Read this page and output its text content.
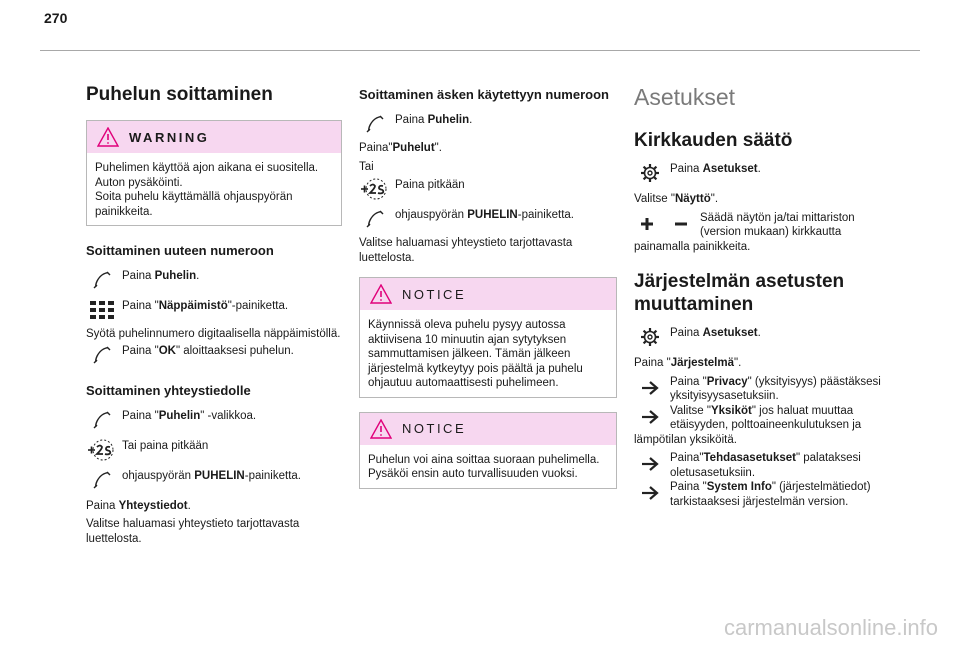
270
Puhelun soittaminen
WARNING

Puhelimen käyttöä ajon aikana ei suositella.

Auton pysäköinti.

Soita puhelu käyttämällä ohjauspyörän painikkeita.

Soittaminen uuteen numeroon
Paina Puhelin.
Paina "Näppäimistö"-painiketta.

Syötä puhelinnumero digitaalisella näppäimistöllä.

Paina "OK" aloittaaksesi puhelun.
Soittaminen yhteystiedolle
Paina "Puhelin" -valikkoa.
Tai paina pitkään
ohjauspyörän PUHELIN-painiketta.

Paina Yhteystiedot.

Valitse haluamasi yhteystieto tarjottavasta luettelosta.

Soittaminen äsken käytettyyn numeroon
Paina Puhelin.

Paina"Puhelut".

Tai

Paina pitkään
ohjauspyörän PUHELIN-painiketta.

Valitse haluamasi yhteystieto tarjottavasta luettelosta.

NOTICE

Käynnissä oleva puhelu pysyy autossa aktiivisena 10 minuutin ajan sytytyksen sammuttamisen jälkeen. Tämän jälkeen järjestelmä kytkeytyy pois päältä ja puhelu ohjautuu automaattisesti puhelimeen.

NOTICE

Puhelun voi aina soittaa suoraan puhelimella. Pysäköi ensin auto turvallisuuden vuoksi.

Asetukset
Kirkkauden säätö
Paina Asetukset.

Valitse "Näyttö".

Säädä näytön ja/tai mittariston (version mukaan) kirkkautta

painamalla painikkeita.

Järjestelmän asetusten muuttaminen
Paina Asetukset.

Paina "Järjestelmä".

Paina "Privacy" (yksityisyys) päästäksesi yksityisyysasetuksiin.
Valitse "Yksiköt" jos haluat muuttaa etäisyyden, polttoaineenkulutuksen ja

lämpötilan yksiköitä.

Paina"Tehdasasetukset" palataksesi oletusasetuksiin.
Paina "System Info" (järjestelmätiedot) tarkistaaksesi järjestelmän version.
carmanualsonline.info
